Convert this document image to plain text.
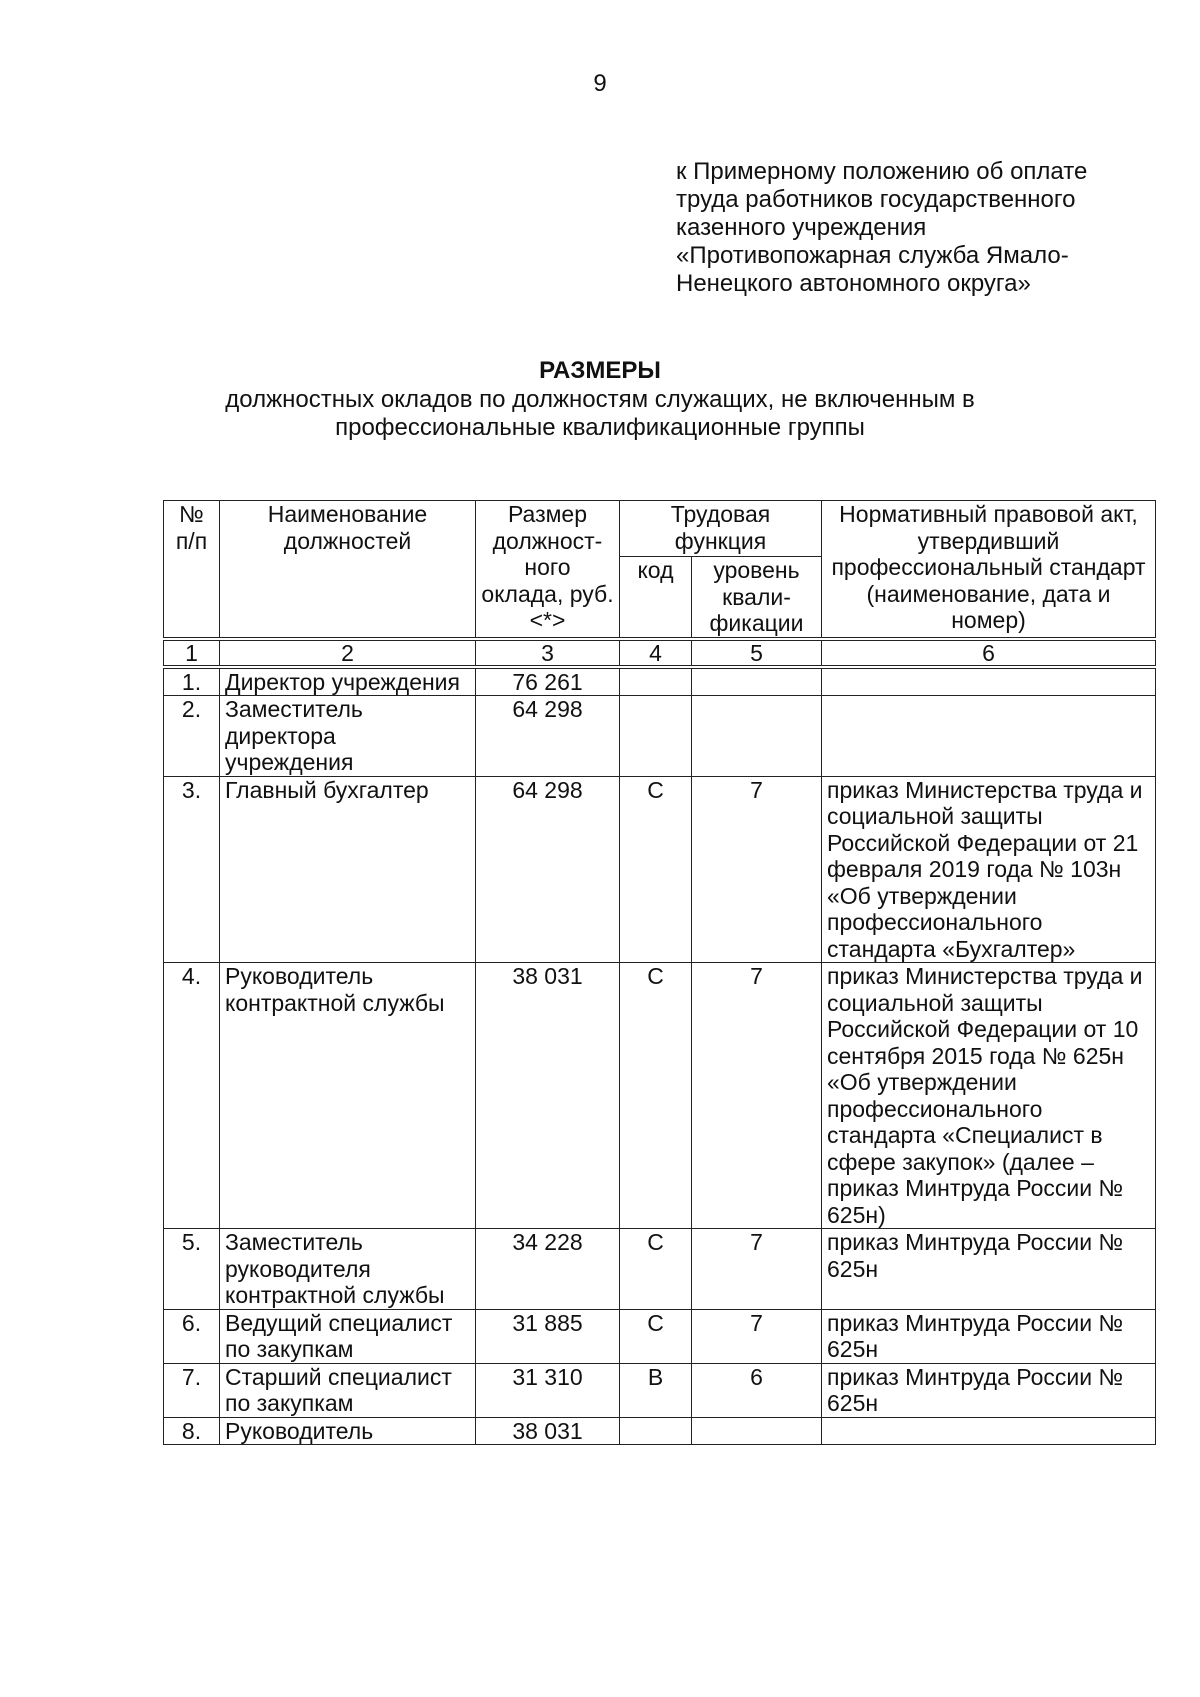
9
к Примерному положению об оплате
труда работников государственного
казенного учреждения
«Противопожарная служба Ямало-
Ненецкого автономного округа»
РАЗМЕРЫ
должностных окладов по должностям служащих, не включенным в
профессиональные квалификационные группы
№ п/п	Наименование должностей	Размер должност-ного оклада, руб. <*>	Трудовая функция		Нормативный правовой акт, утвердивший профессиональный стандарт (наименование, дата и номер)
			код	уровень квали-фикации	
1	2	3	4	5	6
1.	Директор учреждения	76 261			
2.	Заместитель директора учреждения	64 298			
3.	Главный бухгалтер	64 298	С	7	приказ Министерства труда и социальной защиты Российской Федерации от 21 февраля 2019 года № 103н «Об утверждении профессионального стандарта «Бухгалтер»
4.	Руководитель контрактной службы	38 031	С	7	приказ Министерства труда и социальной защиты Российской Федерации от 10 сентября 2015 года № 625н «Об утверждении профессионального стандарта «Специалист в сфере закупок» (далее – приказ Минтруда России № 625н)
5.	Заместитель руководителя контрактной службы	34 228	С	7	приказ Минтруда России № 625н
6.	Ведущий специалист по закупкам	31 885	С	7	приказ Минтруда России № 625н
7.	Старший специалист по закупкам	31 310	В	6	приказ Минтруда России № 625н
8.	Руководитель	38 031			
